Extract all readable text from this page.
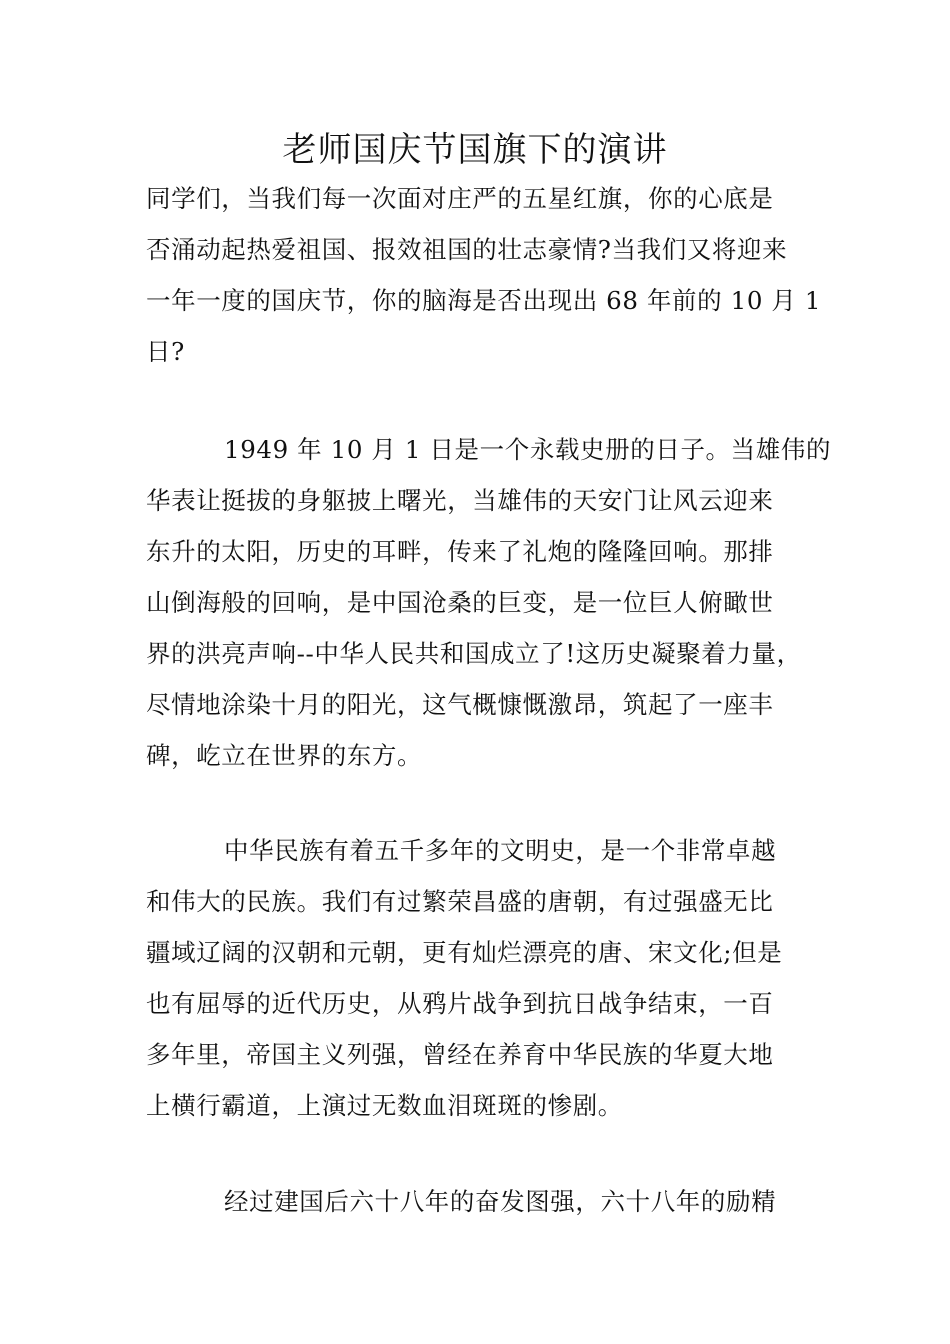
老师国庆节国旗下的演讲
同学们，当我们每一次面对庄严的五星红旗，你的心底是
否涌动起热爱祖国、报效祖国的壮志豪情?当我们又将迎来
一年一度的国庆节，你的脑海是否出现出 68 年前的 10 月 1
日?
1949 年 10 月 1 日是一个永载史册的日子。当雄伟的
华表让挺拔的身躯披上曙光，当雄伟的天安门让风云迎来
东升的太阳，历史的耳畔，传来了礼炮的隆隆回响。那排
山倒海般的回响，是中国沧桑的巨变，是一位巨人俯瞰世
界的洪亮声响--中华人民共和国成立了!这历史凝聚着力量，
尽情地涂染十月的阳光，这气概慷慨激昂，筑起了一座丰
碑，屹立在世界的东方。
中华民族有着五千多年的文明史，是一个非常卓越
和伟大的民族。我们有过繁荣昌盛的唐朝，有过强盛无比
疆域辽阔的汉朝和元朝，更有灿烂漂亮的唐、宋文化;但是
也有屈辱的近代历史，从鸦片战争到抗日战争结束，一百
多年里，帝国主义列强，曾经在养育中华民族的华夏大地
上横行霸道，上演过无数血泪斑斑的惨剧。
经过建国后六十八年的奋发图强，六十八年的励精
